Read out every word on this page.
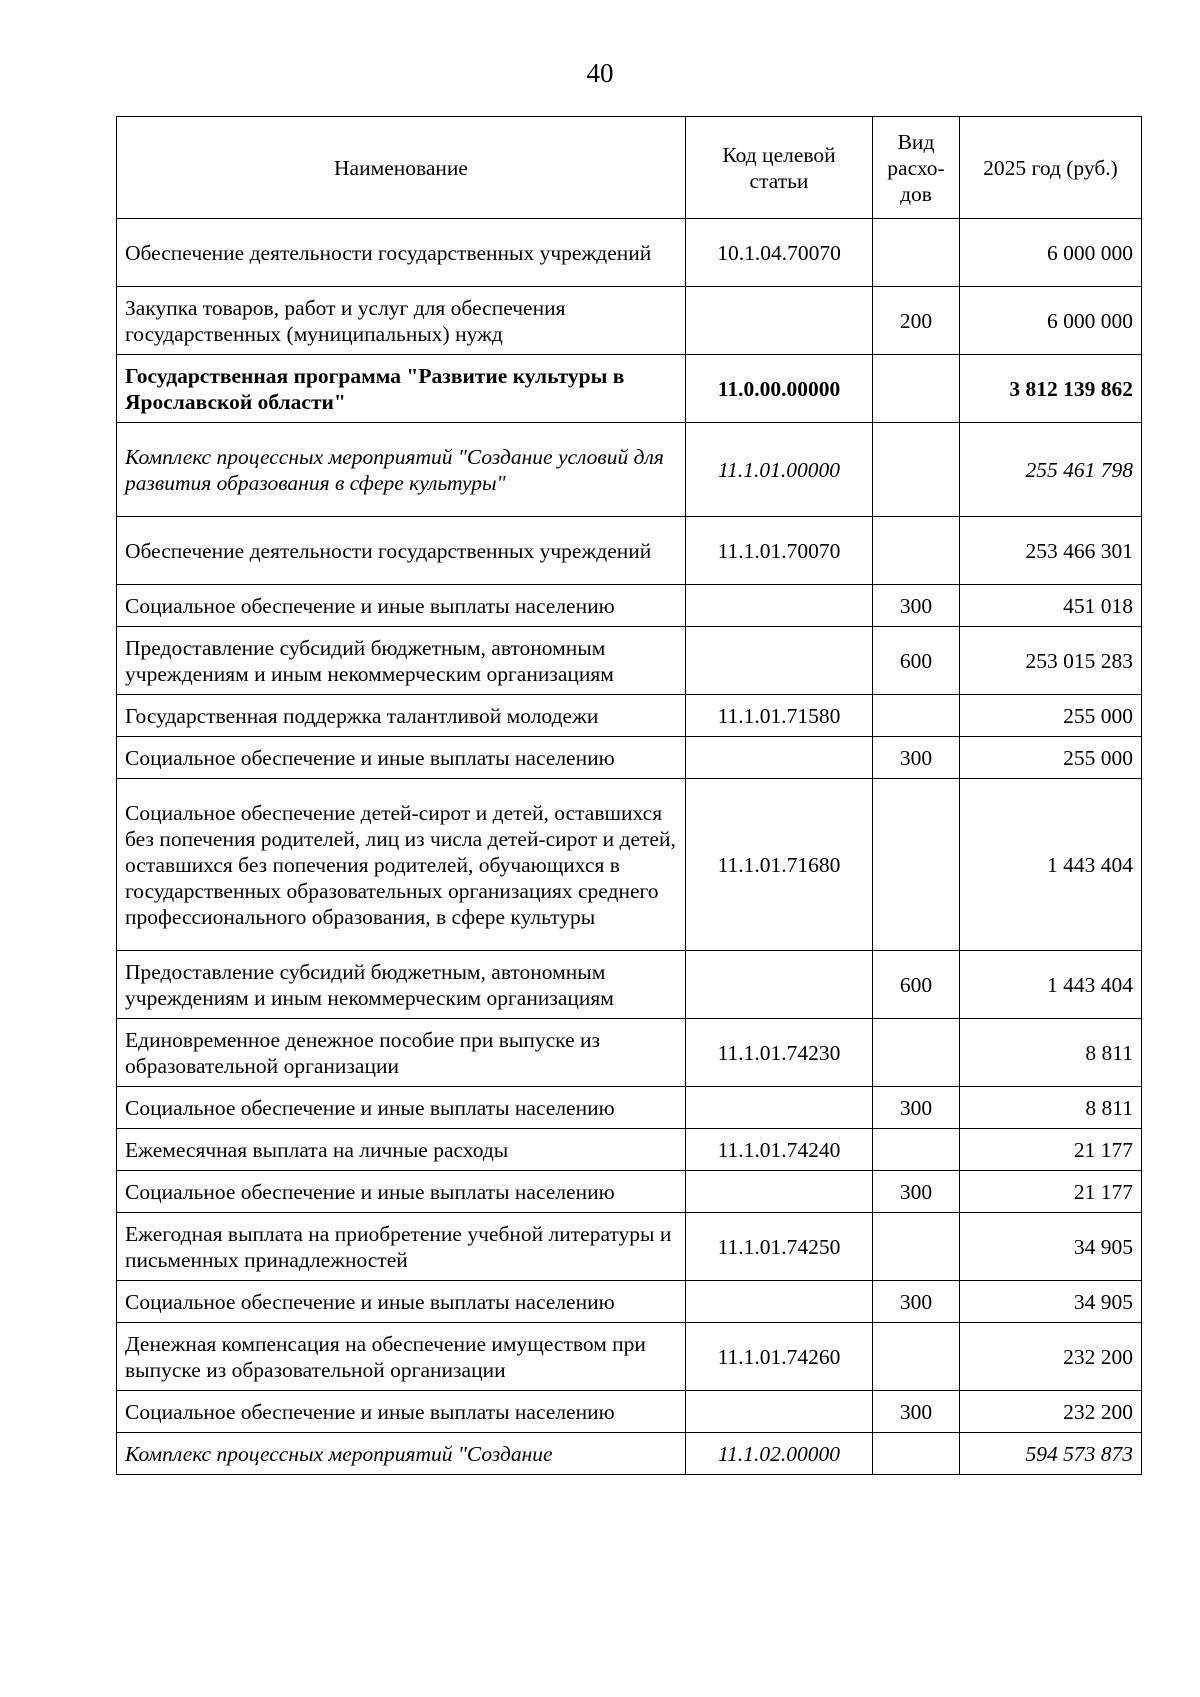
40
Наименование	Код целевой статьи	Вид расхо-дов	2025 год (руб.)
Обеспечение деятельности государственных учреждений	10.1.04.70070		6 000 000
Закупка товаров, работ и услуг для обеспечения государственных (муниципальных) нужд		200	6 000 000
Государственная программа "Развитие культуры в Ярославской области"	11.0.00.00000		3 812 139 862
Комплекс процессных мероприятий "Создание условий для развития образования в сфере культуры"	11.1.01.00000		255 461 798
Обеспечение деятельности государственных учреждений	11.1.01.70070		253 466 301
Социальное обеспечение и иные выплаты населению		300	451 018
Предоставление субсидий бюджетным, автономным учреждениям и иным некоммерческим организациям		600	253 015 283
Государственная поддержка талантливой молодежи	11.1.01.71580		255 000
Социальное обеспечение и иные выплаты населению		300	255 000
Социальное обеспечение детей-сирот и детей, оставшихся без попечения родителей, лиц из числа детей-сирот и детей, оставшихся без попечения родителей, обучающихся в государственных образовательных организациях среднего профессионального образования, в сфере культуры	11.1.01.71680		1 443 404
Предоставление субсидий бюджетным, автономным учреждениям и иным некоммерческим организациям		600	1 443 404
Единовременное денежное пособие при выпуске из образовательной организации	11.1.01.74230		8 811
Социальное обеспечение и иные выплаты населению		300	8 811
Ежемесячная выплата на личные расходы	11.1.01.74240		21 177
Социальное обеспечение и иные выплаты населению		300	21 177
Ежегодная выплата на приобретение учебной литературы и письменных принадлежностей	11.1.01.74250		34 905
Социальное обеспечение и иные выплаты населению		300	34 905
Денежная компенсация на обеспечение имуществом при выпуске из образовательной организации	11.1.01.74260		232 200
Социальное обеспечение и иные выплаты населению		300	232 200
Комплекс процессных мероприятий "Создание	11.1.02.00000		594 573 873
